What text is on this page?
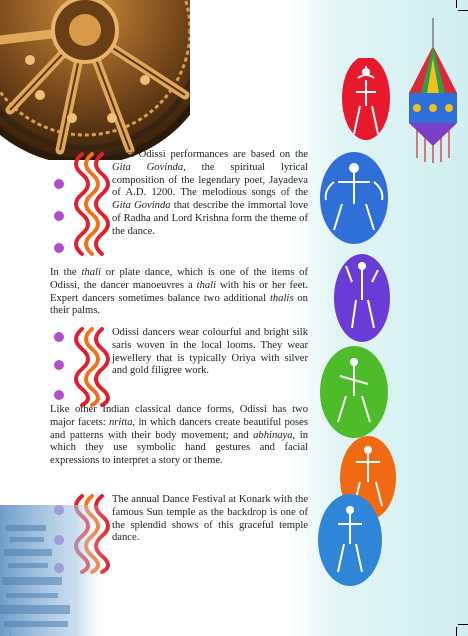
Most Odissi performances are based on the Gita Govinda, the spiritual lyrical composition of the legendary poet, Jayadeva of A.D. 1200. The melodious songs of the Gita Govinda that describe the immortal love of Radha and Lord Krishna form the theme of the dance.
In the thali or plate dance, which is one of the items of Odissi, the dancer manoeuvres a thali with his or her feet. Expert dancers sometimes balance two additional thalis on their palms.
Odissi dancers wear colourful and bright silk saris woven in the local looms. They wear jewellery that is typically Oriya with silver and gold filigree work.
Like other Indian classical dance forms, Odissi has two major facets: nritta, in which dancers create beautiful poses and patterns with their body movement; and abhinaya, in which they use symbolic hand gestures and facial expressions to interpret a story or theme.
The annual Dance Festival at Konark with the famous Sun temple as the backdrop is one of the splendid shows of this graceful temple dance.
